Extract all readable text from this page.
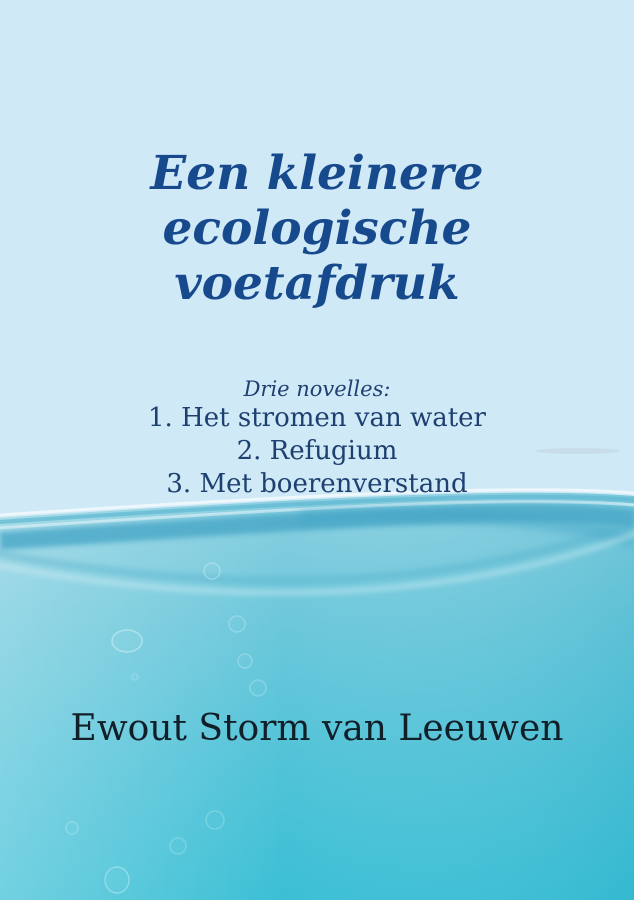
Een kleinere
ecologische
voetafdruk
Drie novelles:
1. Het stromen van water
2. Refugium
3. Met boerenverstand
Ewout Storm van Leeuwen
